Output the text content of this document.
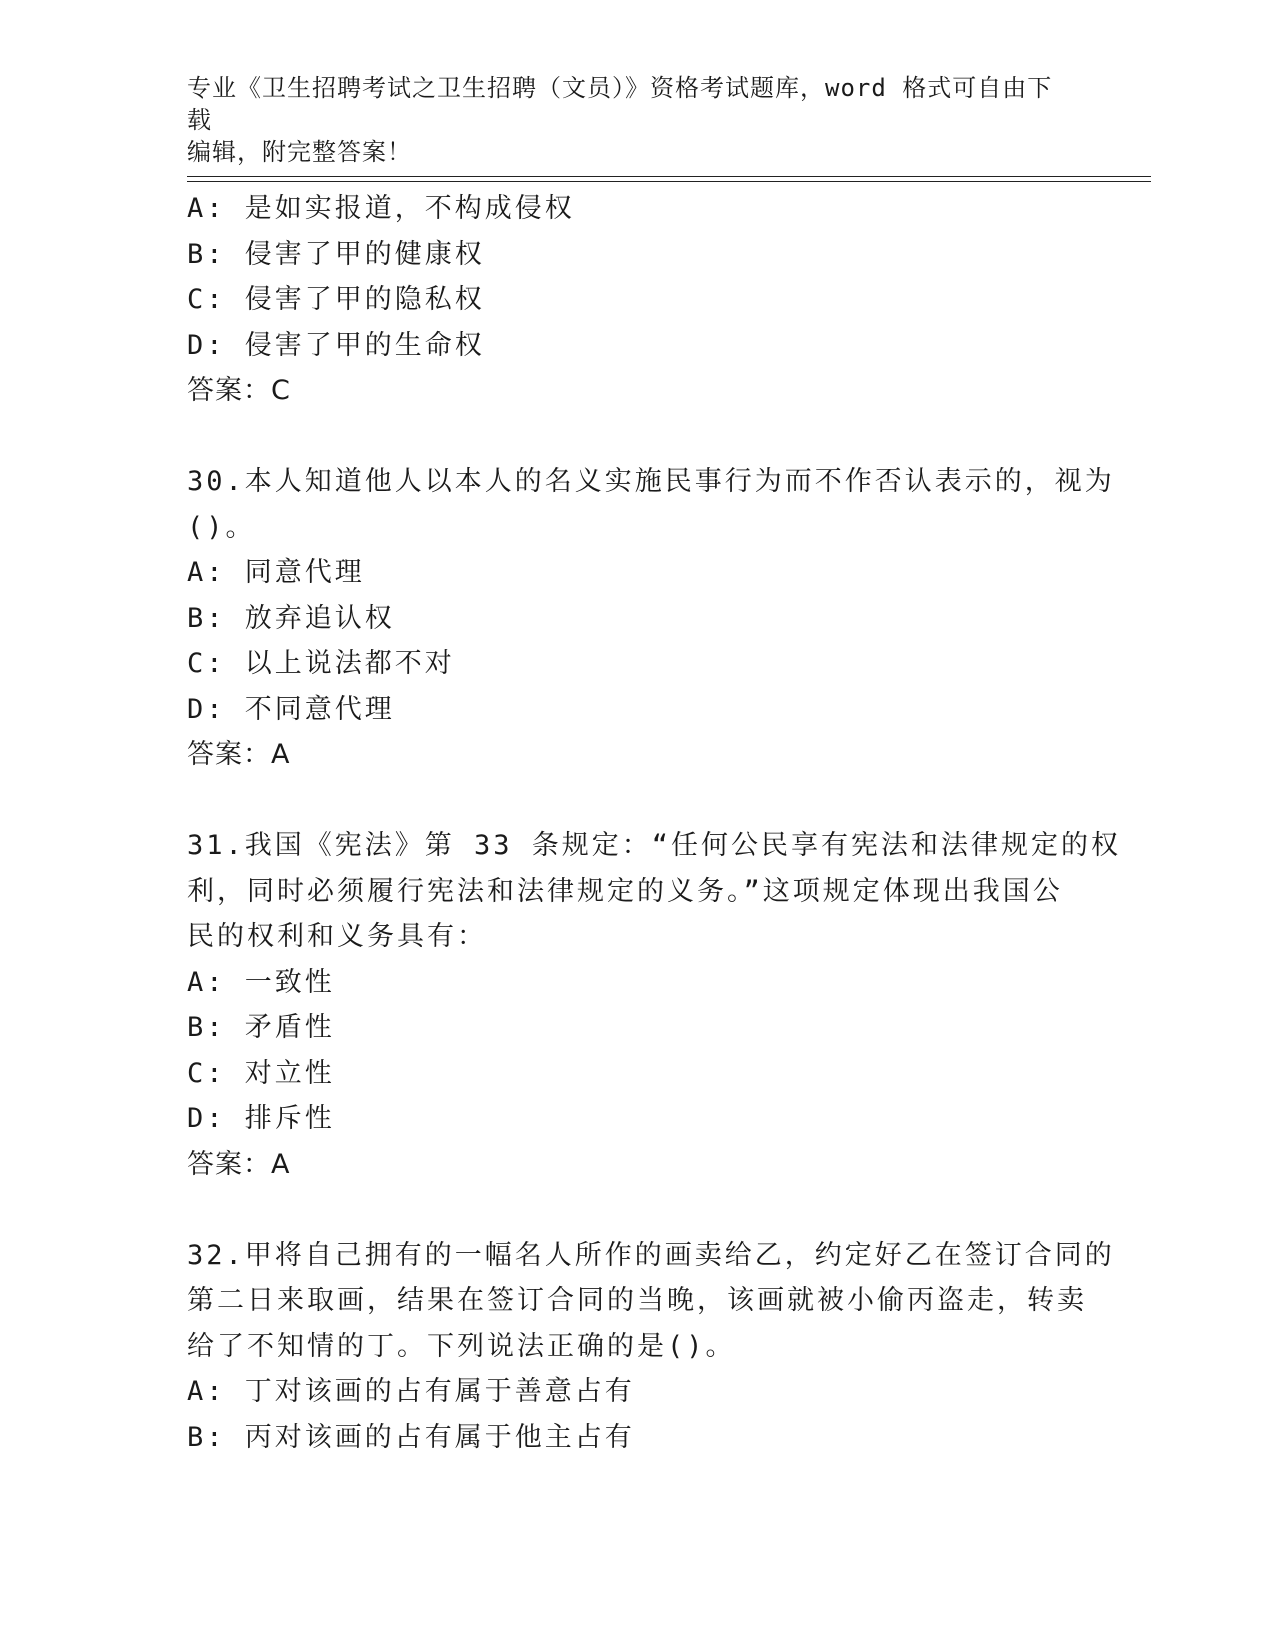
专业《卫生招聘考试之卫生招聘（文员）》资格考试题库，word 格式可自由下载
编辑，附完整答案！
A: 是如实报道，不构成侵权
B: 侵害了甲的健康权
C: 侵害了甲的隐私权
D: 侵害了甲的生命权
答案：C
30.本人知道他人以本人的名义实施民事行为而不作否认表示的，视为
()。
A: 同意代理
B: 放弃追认权
C: 以上说法都不对
D: 不同意代理
答案：A
31.我国《宪法》第 33 条规定：“任何公民享有宪法和法律规定的权
利，同时必须履行宪法和法律规定的义务。”这项规定体现出我国公
民的权利和义务具有：
A: 一致性
B: 矛盾性
C: 对立性
D: 排斥性
答案：A
32.甲将自己拥有的一幅名人所作的画卖给乙，约定好乙在签订合同的
第二日来取画，结果在签订合同的当晚，该画就被小偷丙盗走，转卖
给了不知情的丁。下列说法正确的是()。
A: 丁对该画的占有属于善意占有
B: 丙对该画的占有属于他主占有
